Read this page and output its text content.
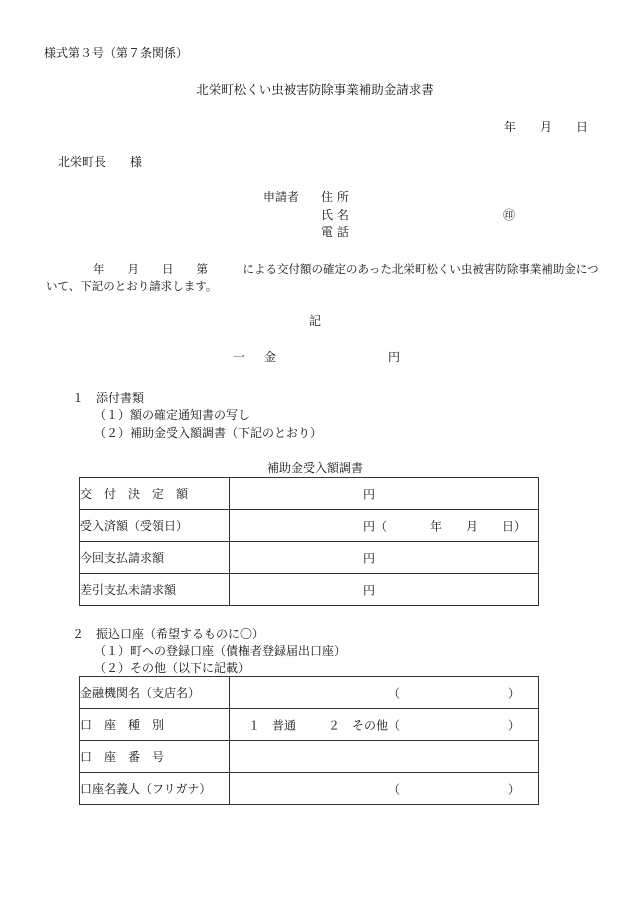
様式第３号（第７条関係）
北栄町松くい虫被害防除事業補助金請求書
年　　月　　日
北栄町長　　様
申請者 住 所
氏 名	㊞
電 話
年　　月　　日　　第　　　による交付額の確定のあった北栄町松くい虫被害防除事業補助金につ
いて、下記のとおり請求します。
記
一 金	円
１　添付書類
（１）額の確定通知書の写し
（２）補助金受入額調書（下記のとおり）
補助金受入額調書
交　付　決　定　額	円

受入済額（受領日）	円（ 年　　月　　日）

今回支払請求額	円

差引支払未請求額	円
２　振込口座（希望するものに〇）
（１）町への登録口座（債権者登録届出口座）
（２）その他（以下に記載）
金融機関名（支店名）	（ ）

口　座　種　別	１　普通 ２　その他（ ）

口　座　番　号	
口座名義人（フリガナ）	（ ）
